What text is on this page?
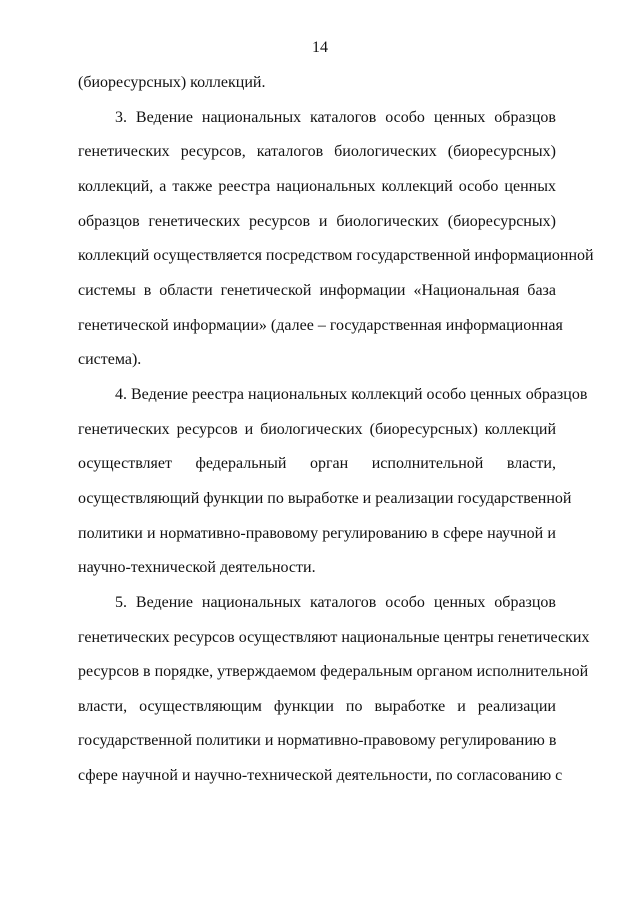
14
(биоресурсных) коллекций.
3. Ведение национальных каталогов особо ценных образцов
генетических ресурсов, каталогов биологических (биоресурсных)
коллекций, а также реестра национальных коллекций особо ценных
образцов генетических ресурсов и биологических (биоресурсных)
коллекций осуществляется посредством государственной информационной
системы в области генетической информации «Национальная база
генетической информации» (далее – государственная информационная
система).
4. Ведение реестра национальных коллекций особо ценных образцов
генетических ресурсов и биологических (биоресурсных) коллекций
осуществляет федеральный орган исполнительной власти,
осуществляющий функции по выработке и реализации государственной
политики и нормативно-правовому регулированию в сфере научной и
научно-технической деятельности.
5. Ведение национальных каталогов особо ценных образцов
генетических ресурсов осуществляют национальные центры генетических
ресурсов в порядке, утверждаемом федеральным органом исполнительной
власти, осуществляющим функции по выработке и реализации
государственной политики и нормативно-правовому регулированию в
сфере научной и научно-технической деятельности, по согласованию с
